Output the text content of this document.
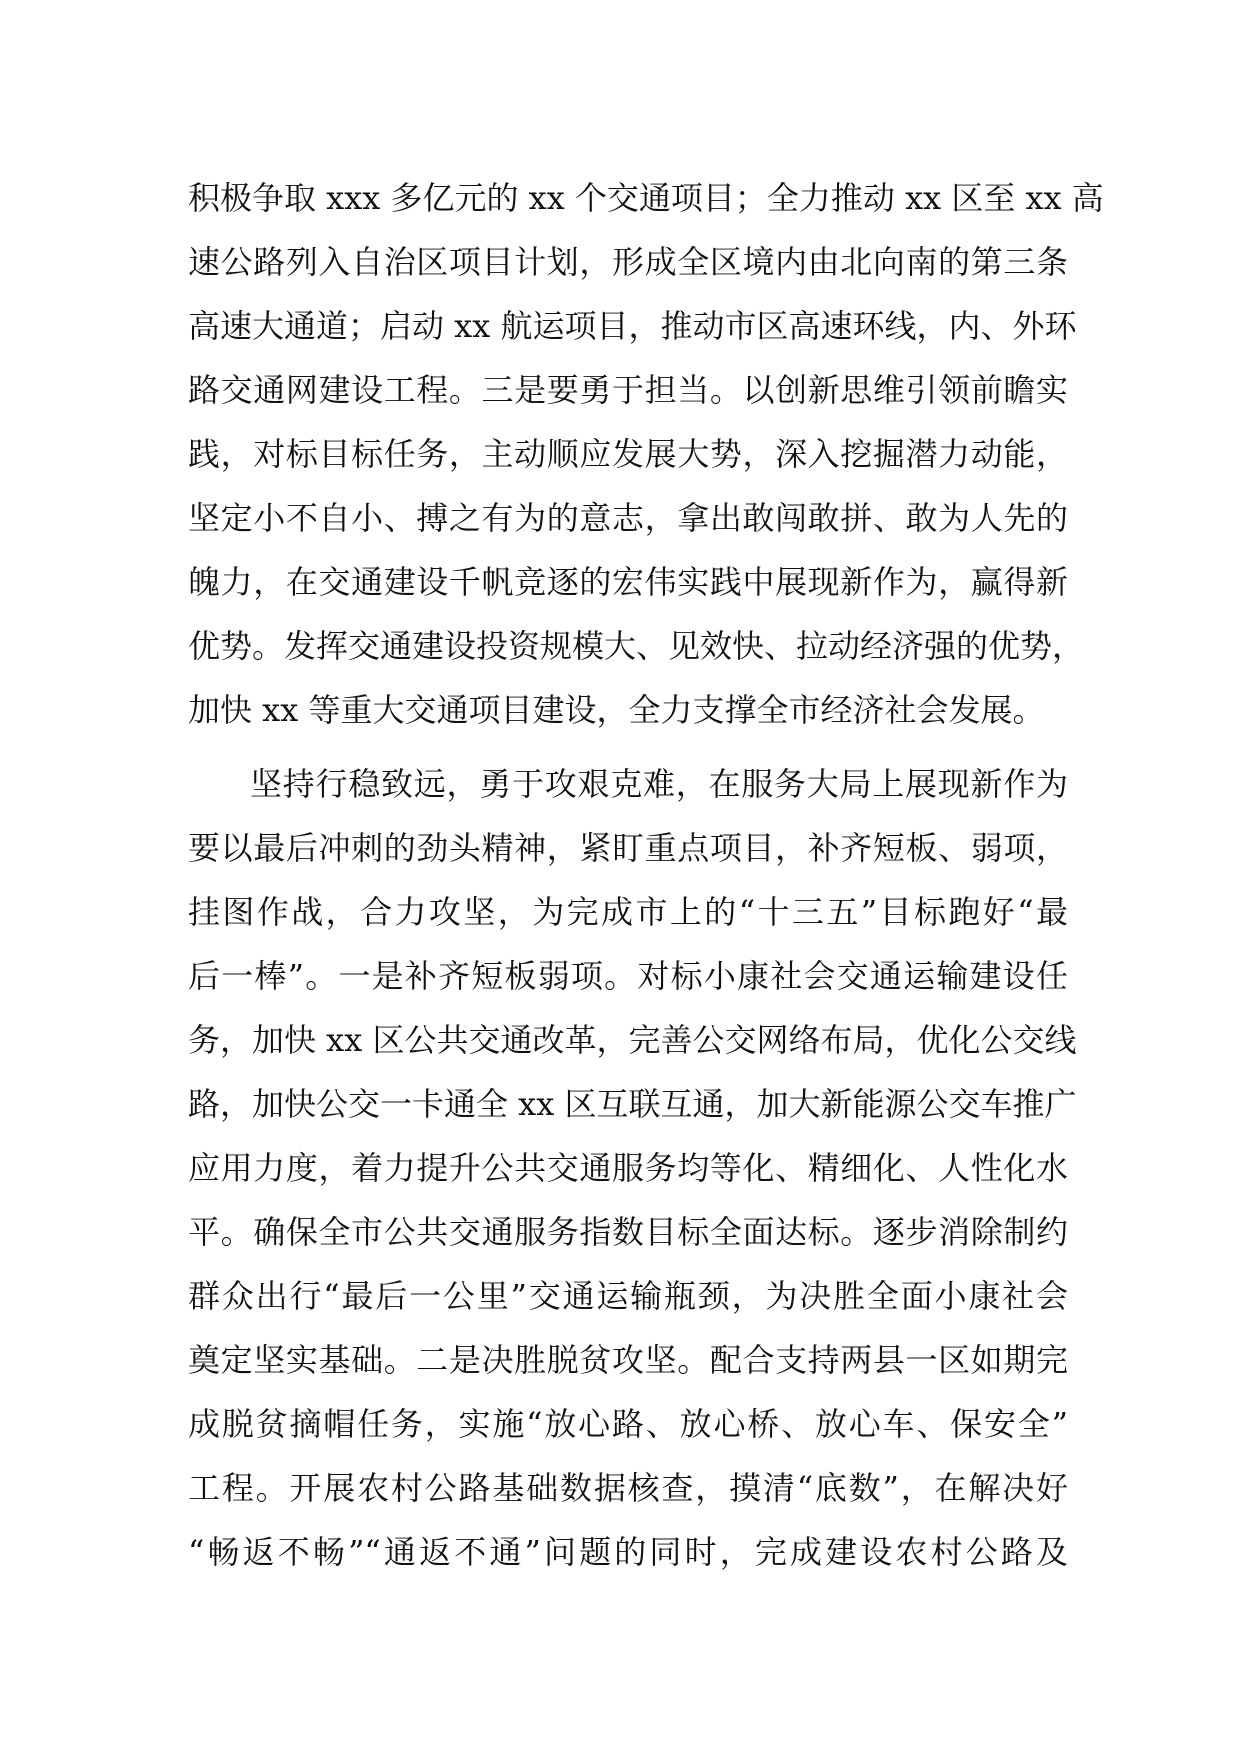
积极争取 xxx 多亿元的 xx 个交通项目；全力推动 xx 区至 xx 高
速公路列入自治区项目计划，形成全区境内由北向南的第三条
高速大通道；启动 xx 航运项目，推动市区高速环线，内、外环
路交通网建设工程。三是要勇于担当。以创新思维引领前瞻实
践，对标目标任务，主动顺应发展大势，深入挖掘潜力动能，
坚定小不自小、搏之有为的意志，拿出敢闯敢拼、敢为人先的
魄力，在交通建设千帆竞逐的宏伟实践中展现新作为，赢得新
优势。发挥交通建设投资规模大、见效快、拉动经济强的优势，
加快 xx 等重大交通项目建设，全力支撑全市经济社会发展。
坚持行稳致远，勇于攻艰克难，在服务大局上展现新作为
要以最后冲刺的劲头精神，紧盯重点项目，补齐短板、弱项，
挂图作战，合力攻坚，为完成市上的“十三五”目标跑好“最
后一棒”。一是补齐短板弱项。对标小康社会交通运输建设任
务，加快 xx 区公共交通改革，完善公交网络布局，优化公交线
路，加快公交一卡通全 xx 区互联互通，加大新能源公交车推广
应用力度，着力提升公共交通服务均等化、精细化、人性化水
平。确保全市公共交通服务指数目标全面达标。逐步消除制约
群众出行“最后一公里”交通运输瓶颈，为决胜全面小康社会
奠定坚实基础。二是决胜脱贫攻坚。配合支持两县一区如期完
成脱贫摘帽任务，实施“放心路、放心桥、放心车、保安全”
工程。开展农村公路基础数据核查，摸清“底数”，在解决好
“畅返不畅”“通返不通”问题的同时，完成建设农村公路及
